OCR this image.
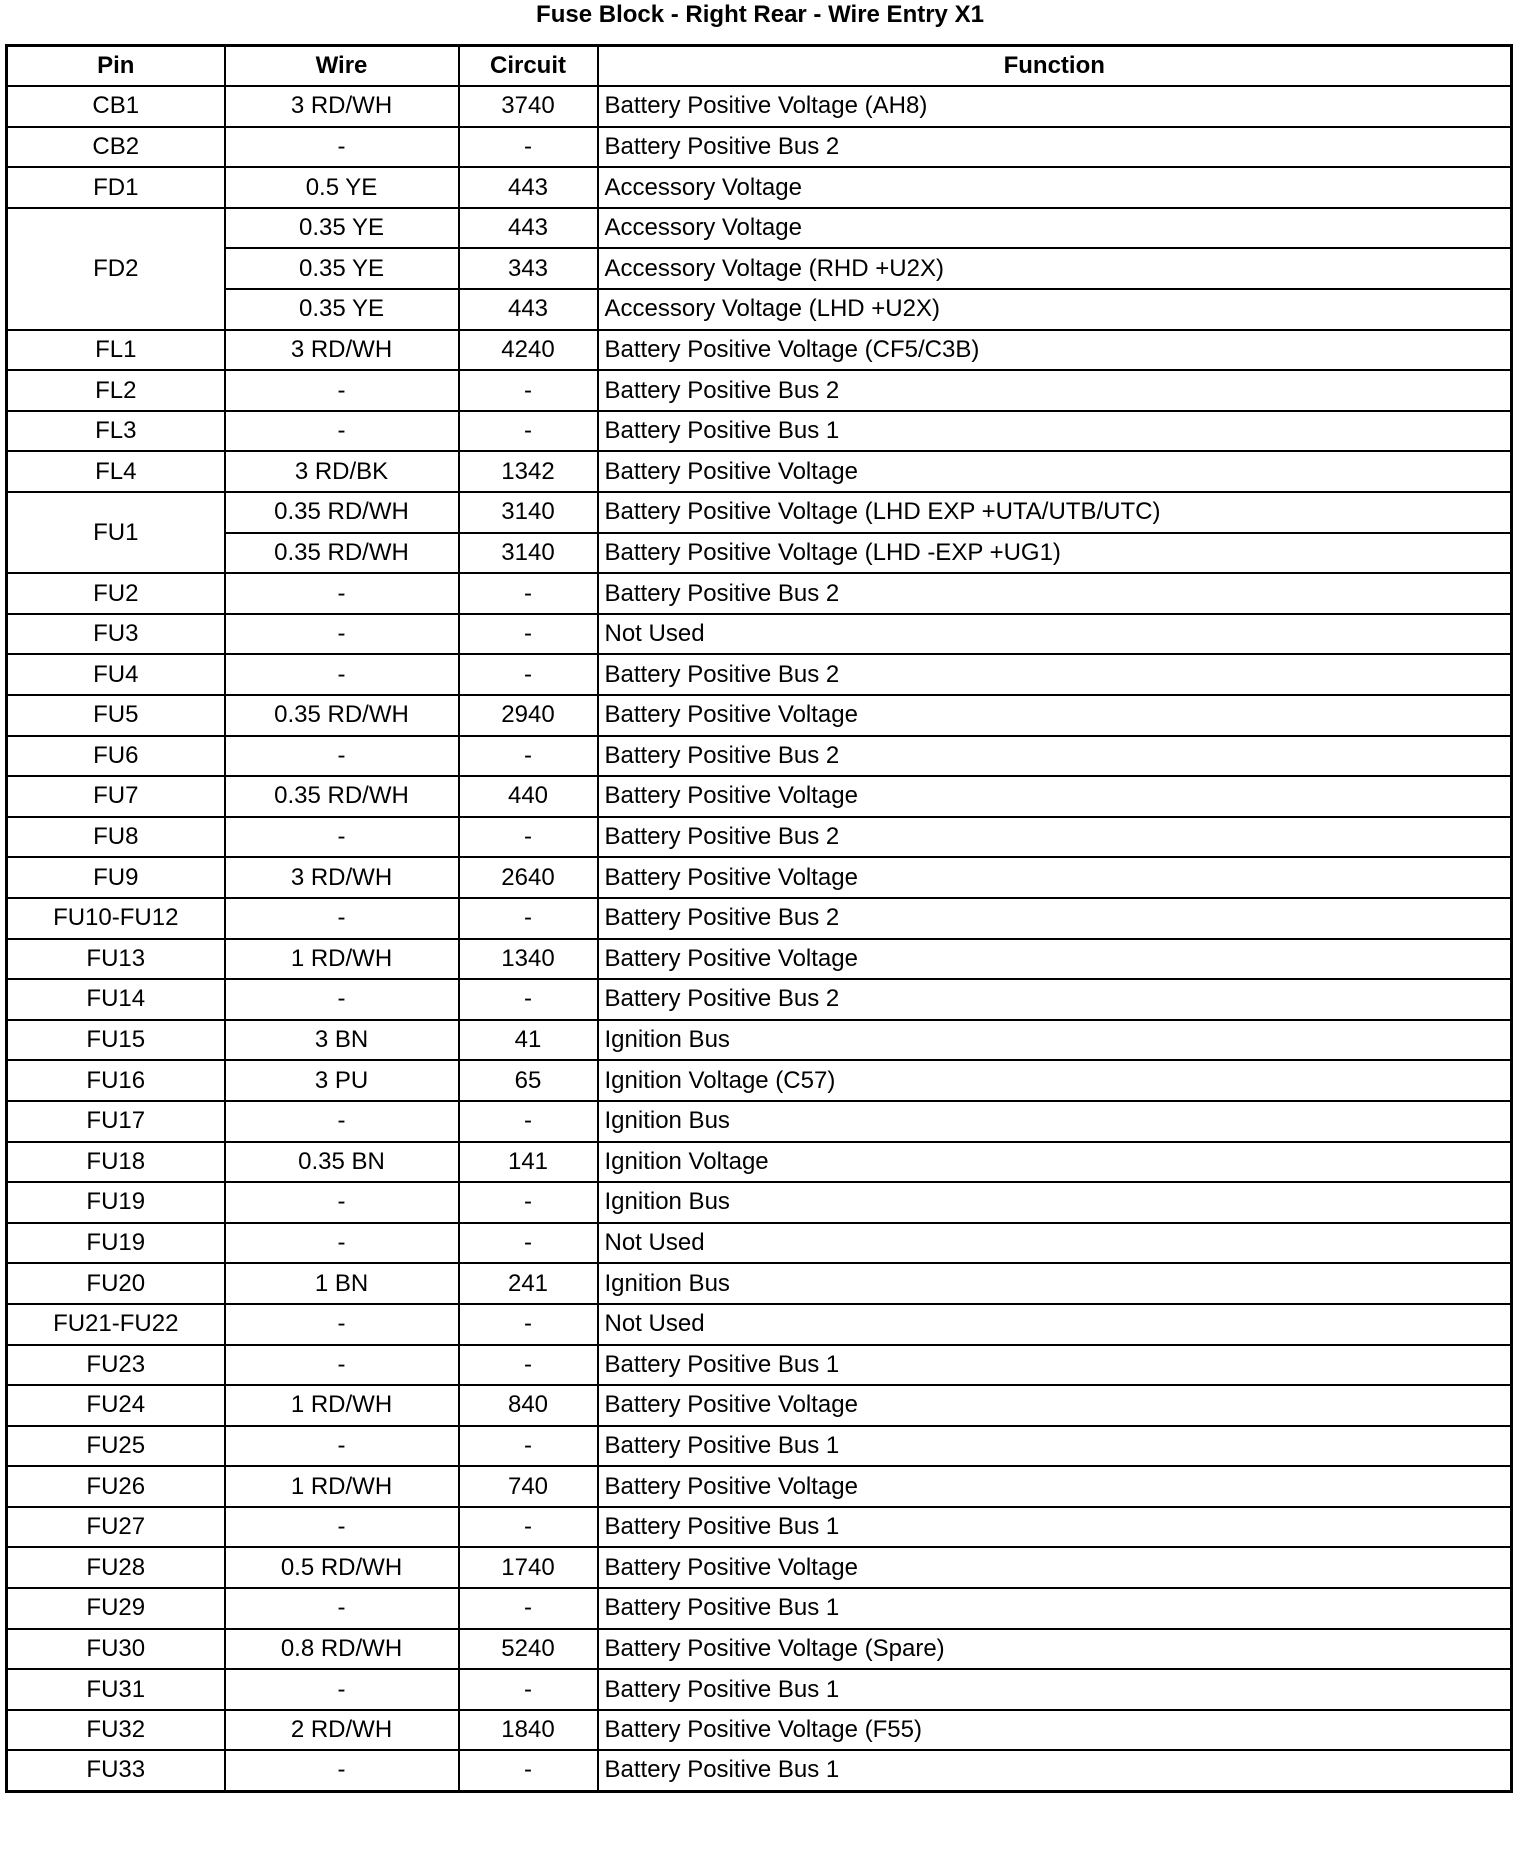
Fuse Block - Right Rear - Wire Entry X1
Pin	Wire	Circuit	Function
CB1	3 RD/WH	3740	Battery Positive Voltage (AH8)
CB2	-	-	Battery Positive Bus 2
FD1	0.5 YE	443	Accessory Voltage
FD2	0.35 YE	443	Accessory Voltage
	0.35 YE	343	Accessory Voltage (RHD +U2X)
	0.35 YE	443	Accessory Voltage (LHD +U2X)
FL1	3 RD/WH	4240	Battery Positive Voltage (CF5/C3B)
FL2	-	-	Battery Positive Bus 2
FL3	-	-	Battery Positive Bus 1
FL4	3 RD/BK	1342	Battery Positive Voltage
FU1	0.35 RD/WH	3140	Battery Positive Voltage (LHD EXP +UTA/UTB/UTC)
	0.35 RD/WH	3140	Battery Positive Voltage (LHD -EXP +UG1)
FU2	-	-	Battery Positive Bus 2
FU3	-	-	Not Used
FU4	-	-	Battery Positive Bus 2
FU5	0.35 RD/WH	2940	Battery Positive Voltage
FU6	-	-	Battery Positive Bus 2
FU7	0.35 RD/WH	440	Battery Positive Voltage
FU8	-	-	Battery Positive Bus 2
FU9	3 RD/WH	2640	Battery Positive Voltage
FU10-FU12	-	-	Battery Positive Bus 2
FU13	1 RD/WH	1340	Battery Positive Voltage
FU14	-	-	Battery Positive Bus 2
FU15	3 BN	41	Ignition Bus
FU16	3 PU	65	Ignition Voltage (C57)
FU17	-	-	Ignition Bus
FU18	0.35 BN	141	Ignition Voltage
FU19	-	-	Ignition Bus
FU19	-	-	Not Used
FU20	1 BN	241	Ignition Bus
FU21-FU22	-	-	Not Used
FU23	-	-	Battery Positive Bus 1
FU24	1 RD/WH	840	Battery Positive Voltage
FU25	-	-	Battery Positive Bus 1
FU26	1 RD/WH	740	Battery Positive Voltage
FU27	-	-	Battery Positive Bus 1
FU28	0.5 RD/WH	1740	Battery Positive Voltage
FU29	-	-	Battery Positive Bus 1
FU30	0.8 RD/WH	5240	Battery Positive Voltage (Spare)
FU31	-	-	Battery Positive Bus 1
FU32	2 RD/WH	1840	Battery Positive Voltage (F55)
FU33	-	-	Battery Positive Bus 1
